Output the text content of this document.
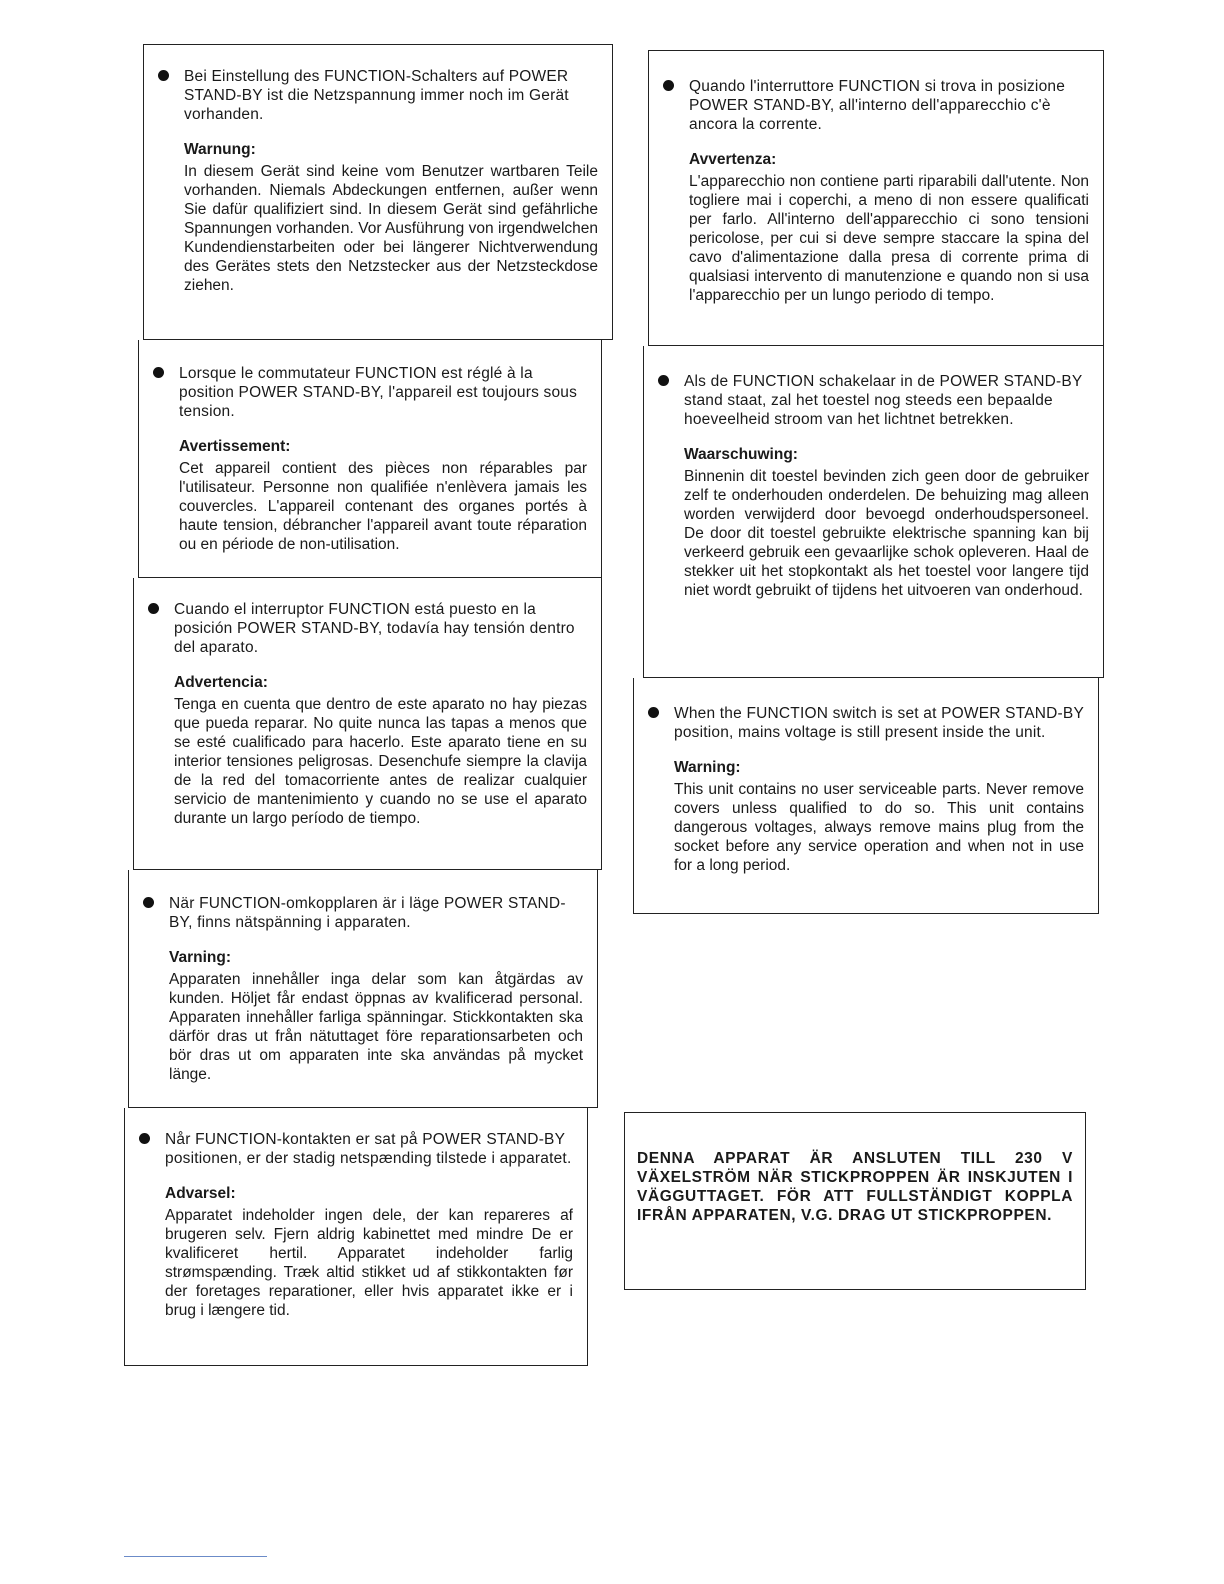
Bei Einstellung des FUNCTION-Schalters auf POWER STAND-BY ist die Netzspannung immer noch im Gerät vorhanden.
Warnung:
In diesem Gerät sind keine vom Benutzer wartbaren Teile vorhanden. Niemals Abdeckungen entfernen, außer wenn Sie dafür qualifiziert sind. In diesem Gerät sind gefährliche Spannungen vorhanden. Vor Ausführung von irgendwelchen Kundendienstarbeiten oder bei längerer Nichtverwendung des Gerätes stets den Netzstecker aus der Netzsteckdose ziehen.
Lorsque le commutateur FUNCTION est réglé à la position POWER STAND-BY, l'appareil est toujours sous tension.
Avertissement:
Cet appareil contient des pièces non réparables par l'utilisateur. Personne non qualifiée n'enlèvera jamais les couvercles. L'appareil contenant des organes portés à haute tension, débrancher l'appareil avant toute réparation ou en période de non-utilisation.
Cuando el interruptor FUNCTION está puesto en la posición POWER STAND-BY, todavía hay tensión dentro del aparato.
Advertencia:
Tenga en cuenta que dentro de este aparato no hay piezas que pueda reparar. No quite nunca las tapas a menos que se esté cualificado para hacerlo. Este aparato tiene en su interior tensiones peligrosas. Desenchufe siempre la clavija de la red del tomacorriente antes de realizar cualquier servicio de mantenimiento y cuando no se use el aparato durante un largo período de tiempo.
När FUNCTION-omkopplaren är i läge POWER STAND-BY, finns nätspänning i apparaten.
Varning:
Apparaten innehåller inga delar som kan åtgärdas av kunden. Höljet får endast öppnas av kvalificerad personal. Apparaten innehåller farliga spänningar. Stickkontakten ska därför dras ut från nätuttaget före reparationsarbeten och bör dras ut om apparaten inte ska användas på mycket länge.
Når FUNCTION-kontakten er sat på POWER STAND-BY positionen, er der stadig netspænding tilstede i apparatet.
Advarsel:
Apparatet indeholder ingen dele, der kan repareres af brugeren selv. Fjern aldrig kabinettet med mindre De er kvalificeret hertil. Apparatet indeholder farlig strømspænding. Træk altid stikket ud af stikkontakten før der foretages reparationer, eller hvis apparatet ikke er i brug i længere tid.
Quando l'interruttore FUNCTION si trova in posizione POWER STAND-BY, all'interno dell'apparecchio c'è ancora la corrente.
Avvertenza:
L'apparecchio non contiene parti riparabili dall'utente. Non togliere mai i coperchi, a meno di non essere qualificati per farlo. All'interno dell'apparecchio ci sono tensioni pericolose, per cui si deve sempre staccare la spina del cavo d'alimentazione dalla presa di corrente prima di qualsiasi intervento di manutenzione e quando non si usa l'apparecchio per un lungo periodo di tempo.
Als de FUNCTION schakelaar in de POWER STAND-BY stand staat, zal het toestel nog steeds een bepaalde hoeveelheid stroom van het lichtnet betrekken.
Waarschuwing:
Binnenin dit toestel bevinden zich geen door de gebruiker zelf te onderhouden onderdelen. De behuizing mag alleen worden verwijderd door bevoegd onderhoudspersoneel. De door dit toestel gebruikte elektrische spanning kan bij verkeerd gebruik een gevaarlijke schok opleveren. Haal de stekker uit het stopkontakt als het toestel voor langere tijd niet wordt gebruikt of tijdens het uitvoeren van onderhoud.
When the FUNCTION switch is set at POWER STAND-BY position, mains voltage is still present inside the unit.
Warning:
This unit contains no user serviceable parts. Never remove covers unless qualified to do so. This unit contains dangerous voltages, always remove mains plug from the socket before any service operation and when not in use for a long period.
DENNA APPARAT ÄR ANSLUTEN TILL 230 V VÄXELSTRÖM NÄR STICKPROPPEN ÄR INSKJUTEN I VÄGGUTTAGET. FÖR ATT FULLSTÄNDIGT KOPPLA IFRÅN APPARATEN, V.G. DRAG UT STICKPROPPEN.
